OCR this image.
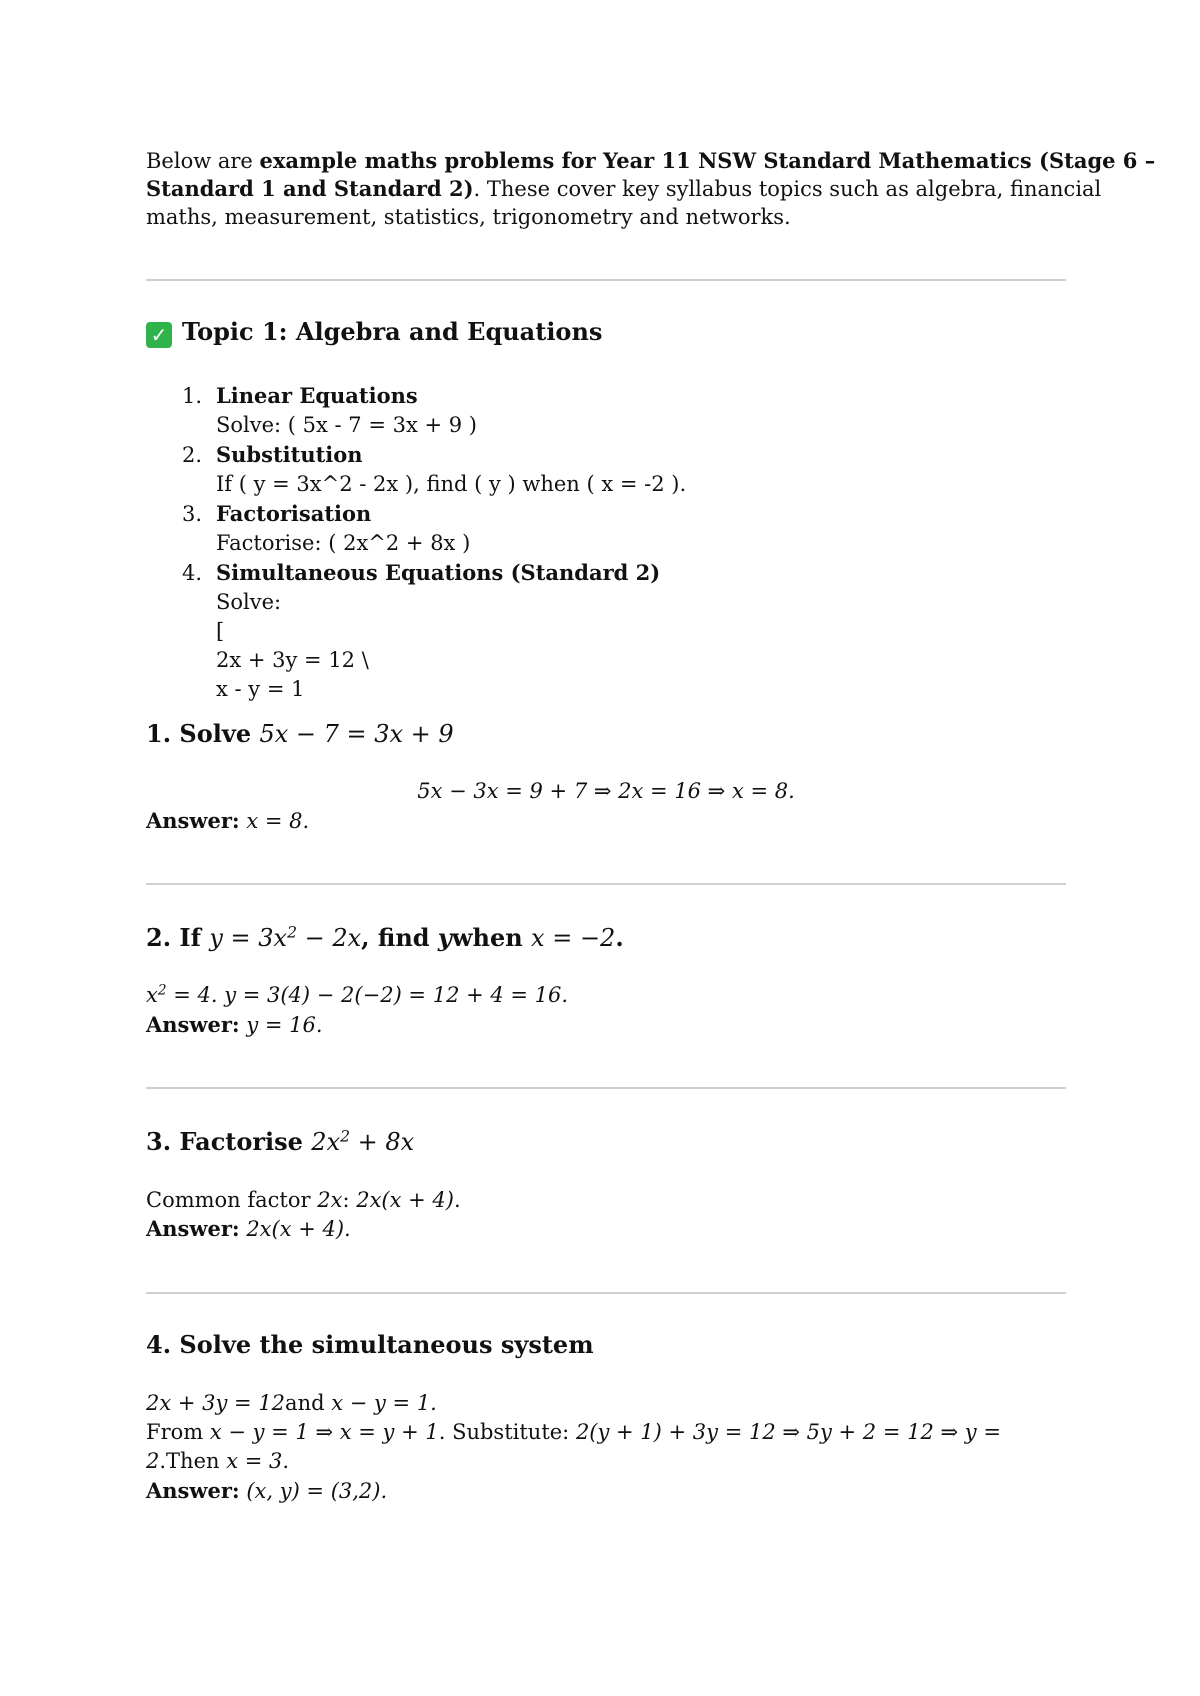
Below are example maths problems for Year 11 NSW Standard Mathematics (Stage 6 –
Standard 1 and Standard 2). These cover key syllabus topics such as algebra, financial
maths, measurement, statistics, trigonometry and networks.
✓ Topic 1: Algebra and Equations
1. Linear Equations
Solve: ( 5x - 7 = 3x + 9 )
2. Substitution
If ( y = 3x^2 - 2x ), find ( y ) when ( x = -2 ).
3. Factorisation
Factorise: ( 2x^2 + 8x )
4. Simultaneous Equations (Standard 2)
Solve:
[
2x + 3y = 12 \
x - y = 1
1. Solve 5x − 7 = 3x + 9
5x − 3x = 9 + 7 ⇒ 2x = 16 ⇒ x = 8.
Answer: x = 8.
2. If $y = 3x^2 - 2x$, find ywhen x = −2.
$x^2 = 4$. y = 3(4) − 2(−2) = 12 + 4 = 16.
Answer: y = 16.
3. Factorise $2x^2 + 8x$
Common factor 2x: 2x(x + 4).
Answer: 2x(x + 4).
4. Solve the simultaneous system
2x + 3y = 12and x − y = 1.
From x − y = 1 ⇒ x = y + 1. Substitute: 2(y + 1) + 3y = 12 ⇒ 5y + 2 = 12 ⇒ y =
2.Then x = 3.
Answer: (x, y) = (3,2).
